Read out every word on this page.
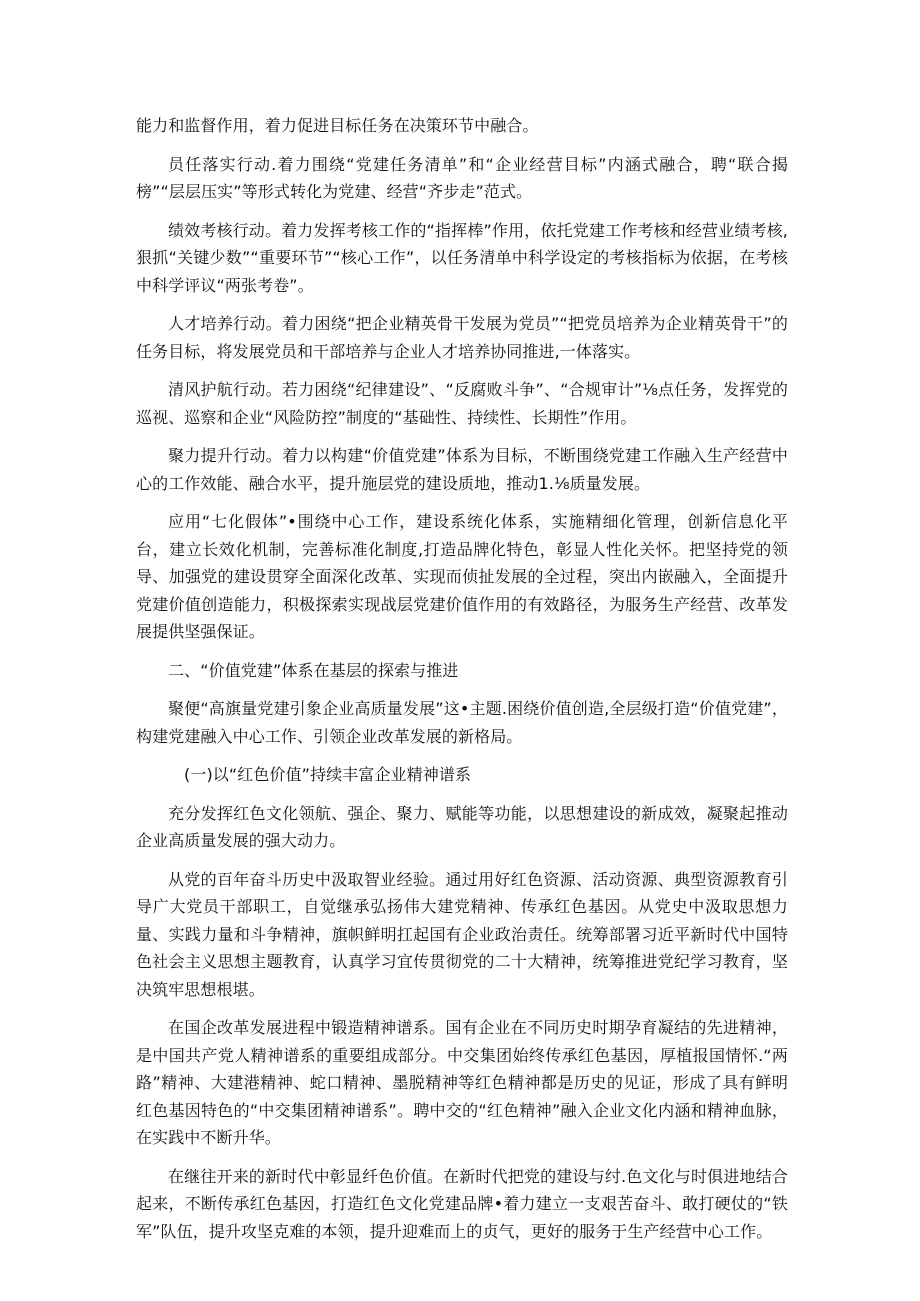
能力和监督作用，着力促进目标任务在决策环节中融合。

员任落实行动.着力围绕“党建任务清单”和“企业经营目标”内涵式融合，聘“联合揭榜”“层层压实”等形式转化为党建、经营“齐步走”范式。

绩效考核行动。着力发挥考核工作的“指挥棒”作用，依托党建工作考核和经营业绩考核,狠抓“关键少数”“重要环节”“核心工作”，以任务清单中科学设定的考核指标为依据，在考核中科学评议“两张考卷”。

人才培养行动。着力困绕“把企业精英骨干发展为党员”“把党员培养为企业精英骨干”的任务目标，将发展党员和干部培养与企业人才培养协同推进,一体落实。

清风护航行动。若力困绕“纪律建设”、“反腐败斗争”、“合规审计”⅛点任务，发挥党的巡视、巡察和企业“风险防控”制度的“基础性、持续性、长期性”作用。

聚力提升行动。着力以构建“价值党建”体系为目标，不断围绕党建工作融入生产经营中心的工作效能、融合水平，提升施层党的建设质地，推动1.⅛质量发展。

应用“七化假体”•围绕中心工作，建设系统化体系，实施精细化管理，创新信息化平台，建立长效化机制，完善标准化制度,打造品牌化特色，彰显人性化关怀。把坚持党的领导、加强党的建设贯穿全面深化改革、实现而侦扯发展的全过程，突出内嵌融入，全面提升党建价值创造能力，积极探索实现战层党建价值作用的有效路径，为服务生产经营、改革发展提供坚强保证。

二、“价值党建”体系在基层的探索与推进

聚便“高旗量党建引象企业高质量发展”这•主题.困绕价值创造,全层级打造“价值党建”，构建党建融入中心工作、引领企业改革发展的新格局。

(一)以“红色价值”持续丰富企业精神谱系

充分发挥红色文化领航、强企、聚力、赋能等功能，以思想建设的新成效，凝聚起推动企业高质量发展的强大动力。

从党的百年奋斗历史中汲取智业经验。通过用好红色资源、活动资源、典型资源教育引导广大党员干部职工，自觉继承弘扬伟大建党精神、传承红色基因。从党史中汲取思想力量、实践力量和斗争精神，旗帜鲜明扛起国有企业政治责任。统筹部署习近平新时代中国特色社会主义思想主题教育，认真学习宜传贯彻党的二十大精神，统筹推进党纪学习教育，坚决筑牢思想根堪。

在国企改革发展进程中锻造精神谱系。国有企业在不同历史时期孕育凝结的先进精神，是中国共产党人精神谱系的重要组成部分。中交集团始终传承红色基因，厚植报国情怀.“两路”精神、大建港精神、蛇口精神、墨脱精神等红色精神都是历史的见证，形成了具有鲜明红色基因特色的“中交集团精神谱系”。聘中交的“红色精神”融入企业文化内涵和精神血脉，在实践中不断升华。

在继往开来的新时代中彰显纤色价值。在新时代把党的建设与纣.色文化与时俱进地结合起来，不断传承红色基因，打造红色文化党建品牌•着力建立一支艰苦奋斗、敢打硬仗的“铁军”队伍，提升攻坚克难的本领，提升迎难而上的贞气，更好的服务于生产经营中心工作。
